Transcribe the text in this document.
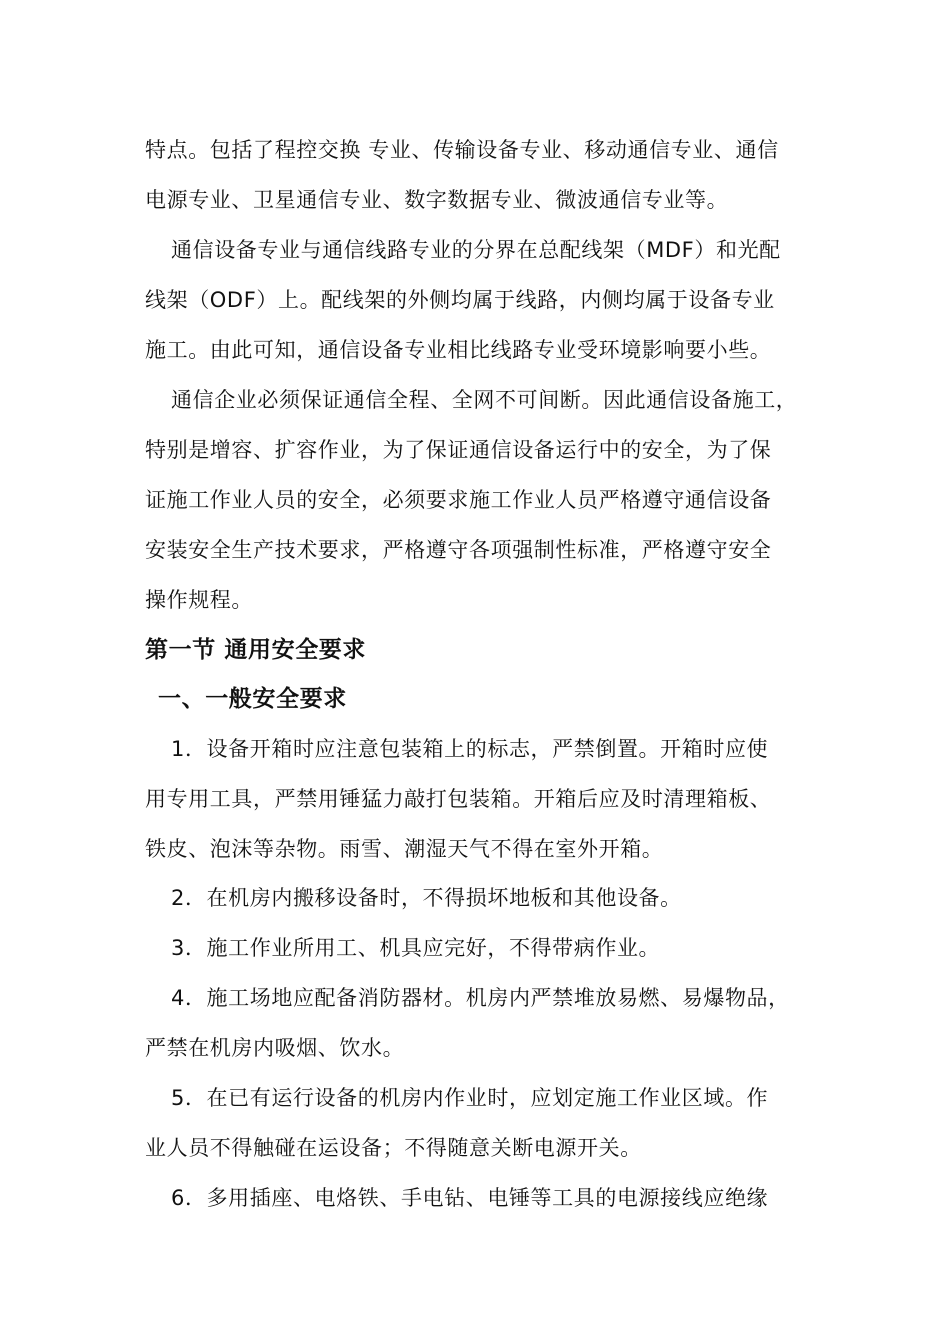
特点。包括了程控交换 专业、传输设备专业、移动通信专业、通信
电源专业、卫星通信专业、数字数据专业、微波通信专业等。
通信设备专业与通信线路专业的分界在总配线架（MDF）和光配
线架（ODF）上。配线架的外侧均属于线路，内侧均属于设备专业
施工。由此可知，通信设备专业相比线路专业受环境影响要小些。
通信企业必须保证通信全程、全网不可间断。因此通信设备施工，
特别是增容、扩容作业，为了保证通信设备运行中的安全，为了保
证施工作业人员的安全，必须要求施工作业人员严格遵守通信设备
安装安全生产技术要求，严格遵守各项强制性标准，严格遵守安全
操作规程。
第一节 通用安全要求
一、一般安全要求
1．设备开箱时应注意包装箱上的标志，严禁倒置。开箱时应使
用专用工具，严禁用锤猛力敲打包装箱。开箱后应及时清理箱板、
铁皮、泡沫等杂物。雨雪、潮湿天气不得在室外开箱。
2．在机房内搬移设备时，不得损坏地板和其他设备。
3．施工作业所用工、机具应完好，不得带病作业。
4．施工场地应配备消防器材。机房内严禁堆放易燃、易爆物品，
严禁在机房内吸烟、饮水。
5．在已有运行设备的机房内作业时，应划定施工作业区域。作
业人员不得触碰在运设备；不得随意关断电源开关。
6．多用插座、电烙铁、手电钻、电锤等工具的电源接线应绝缘
